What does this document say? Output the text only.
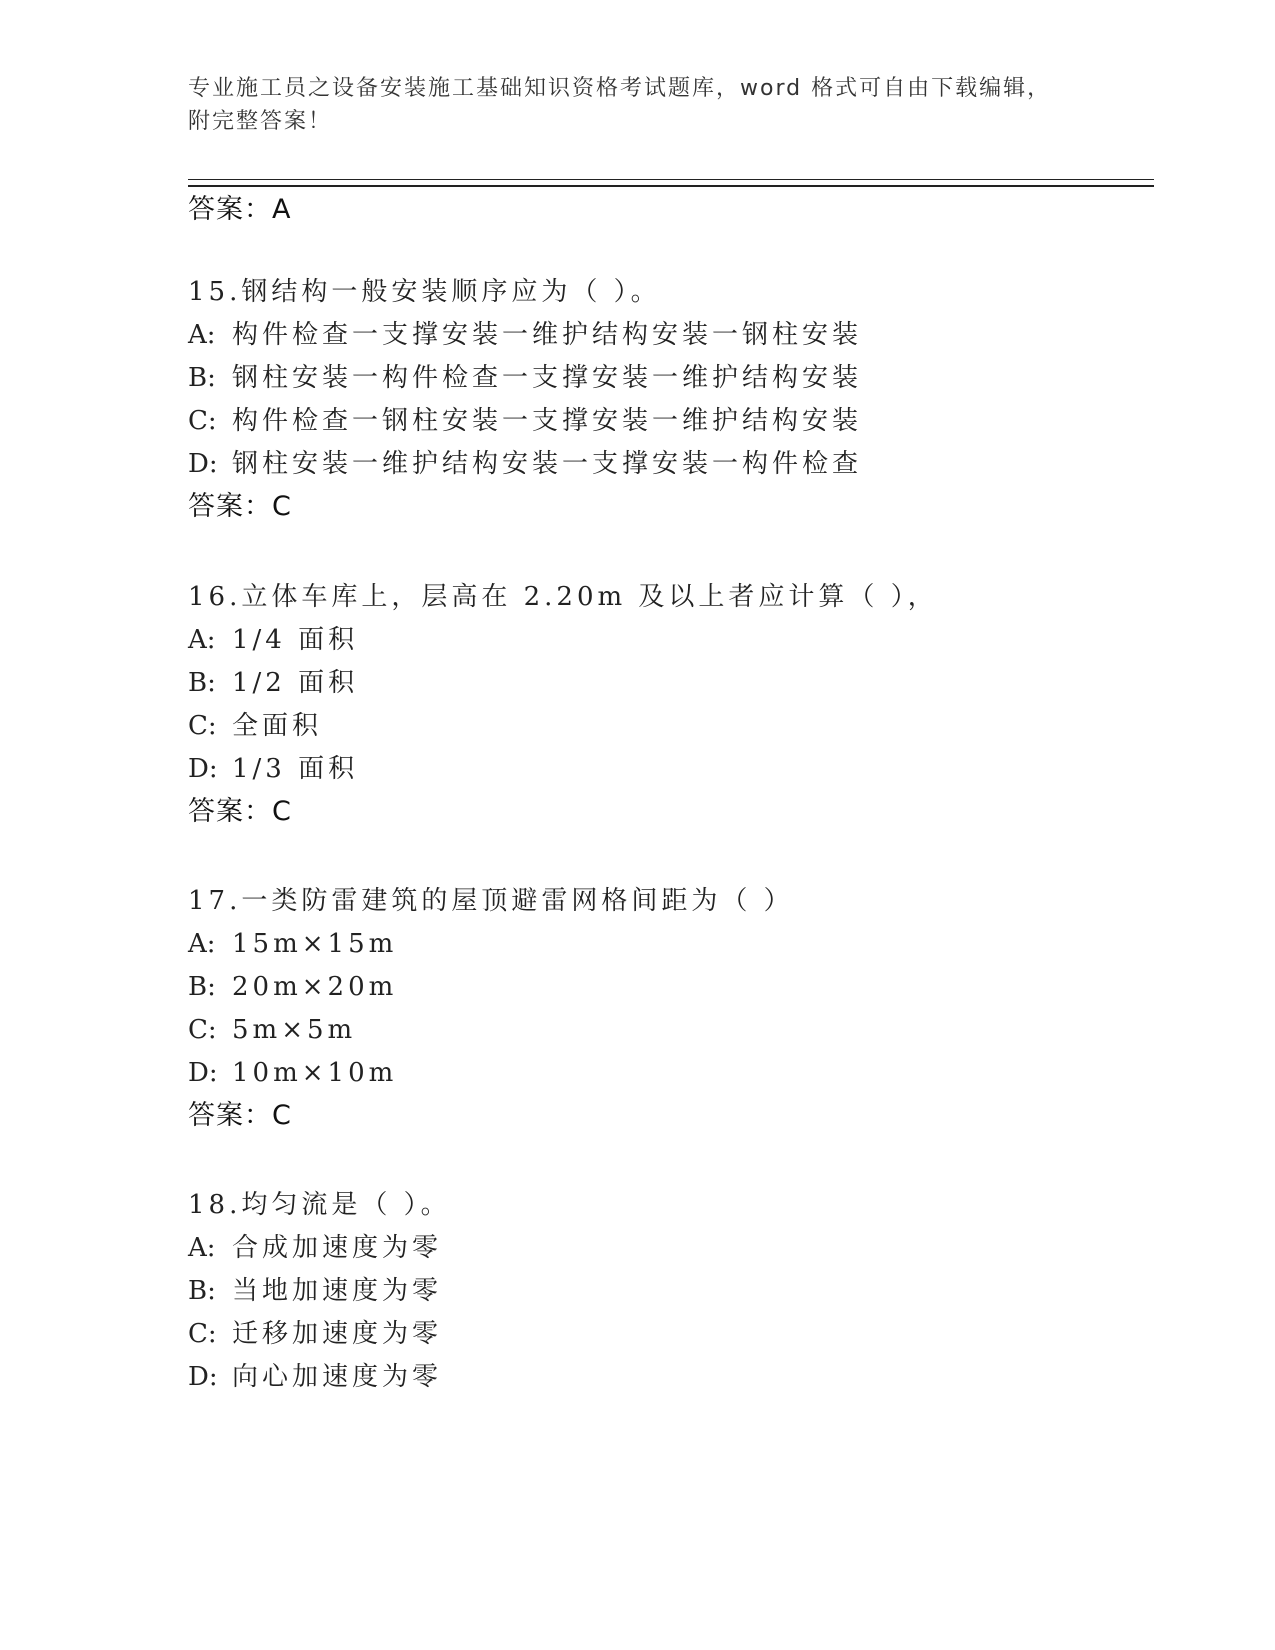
专业施工员之设备安装施工基础知识资格考试题库，word 格式可自由下载编辑，
附完整答案！
答案：A
15.钢结构一般安装顺序应为（ ）。
A: 构件检查一支撑安装一维护结构安装一钢柱安装
B: 钢柱安装一构件检查一支撑安装一维护结构安装
C: 构件检查一钢柱安装一支撑安装一维护结构安装
D: 钢柱安装一维护结构安装一支撑安装一构件检查
答案：C
16.立体车库上，层高在 2.20m 及以上者应计算（ ），
A: 1/4 面积
B: 1/2 面积
C: 全面积
D: 1/3 面积
答案：C
17.一类防雷建筑的屋顶避雷网格间距为（ ）
A: 15m×15m
B: 20m×20m
C: 5m×5m
D: 10m×10m
答案：C
18.均匀流是（ ）。
A: 合成加速度为零
B: 当地加速度为零
C: 迁移加速度为零
D: 向心加速度为零
